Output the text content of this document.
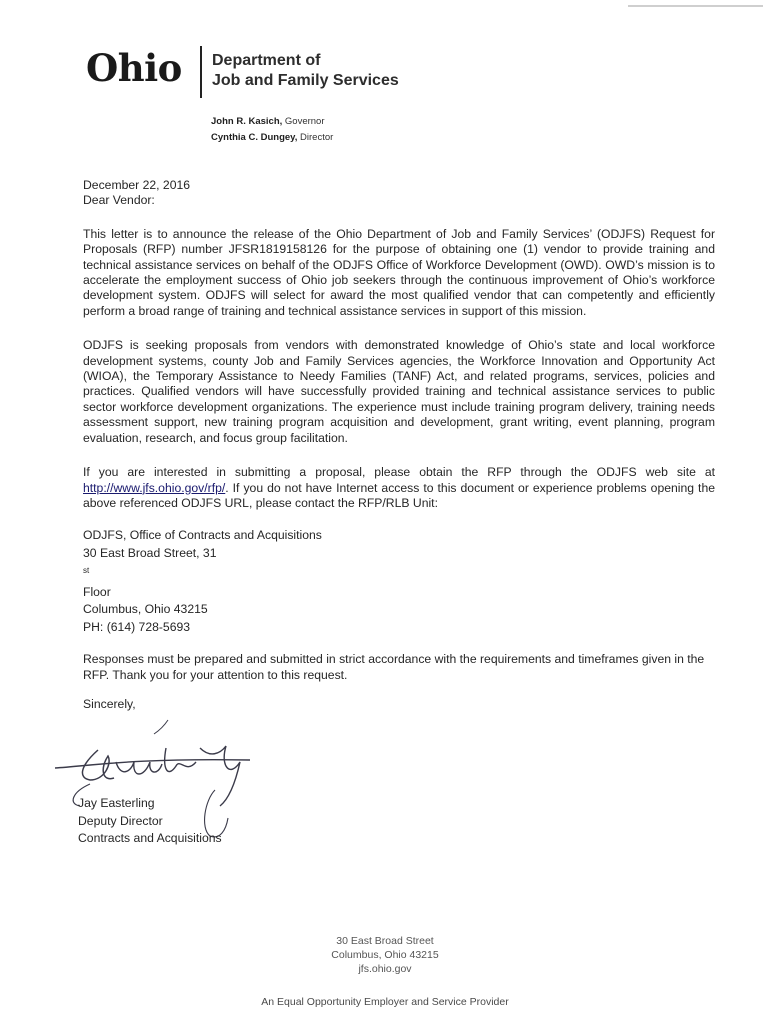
Ohio Department of
Job and Family Services
John R. Kasich, Governor
Cynthia C. Dungey, Director

December 22, 2016

Dear Vendor:

This letter is to announce the release of the Ohio Department of Job and Family Services’ (ODJFS) Request for Proposals (RFP) number JFSR1819158126 for the purpose of obtaining one (1) vendor to provide training and technical assistance services on behalf of the ODJFS Office of Workforce Development (OWD). OWD’s mission is to accelerate the employment success of Ohio job seekers through the continuous improvement of Ohio’s workforce development system. ODJFS will select for award the most qualified vendor that can competently and efficiently perform a broad range of training and technical assistance services in support of this mission.

ODJFS is seeking proposals from vendors with demonstrated knowledge of Ohio’s state and local workforce development systems, county Job and Family Services agencies, the Workforce Innovation and Opportunity Act (WIOA), the Temporary Assistance to Needy Families (TANF) Act, and related programs, services, policies and practices. Qualified vendors will have successfully provided training and technical assistance services to public sector workforce development organizations. The experience must include training program delivery, training needs assessment support, new training program acquisition and development, grant writing, event planning, program evaluation, research, and focus group facilitation.

If you are interested in submitting a proposal, please obtain the RFP through the ODJFS web site at http://www.jfs.ohio.gov/rfp/. If you do not have Internet access to this document or experience problems opening the above referenced ODJFS URL, please contact the RFP/RLB Unit:

ODJFS, Office of Contracts and Acquisitions
30 East Broad Street, 31
$^{st}$
Floor
Columbus, Ohio 43215
PH: (614) 728-5693

Responses must be prepared and submitted in strict accordance with the requirements and timeframes given in the RFP. Thank you for your attention to this request.

Sincerely,

Jay Easterling
Deputy Director
Contracts and Acquisitions
30 East Broad Street
Columbus, Ohio 43215
jfs.ohio.gov
An Equal Opportunity Employer and Service Provider
